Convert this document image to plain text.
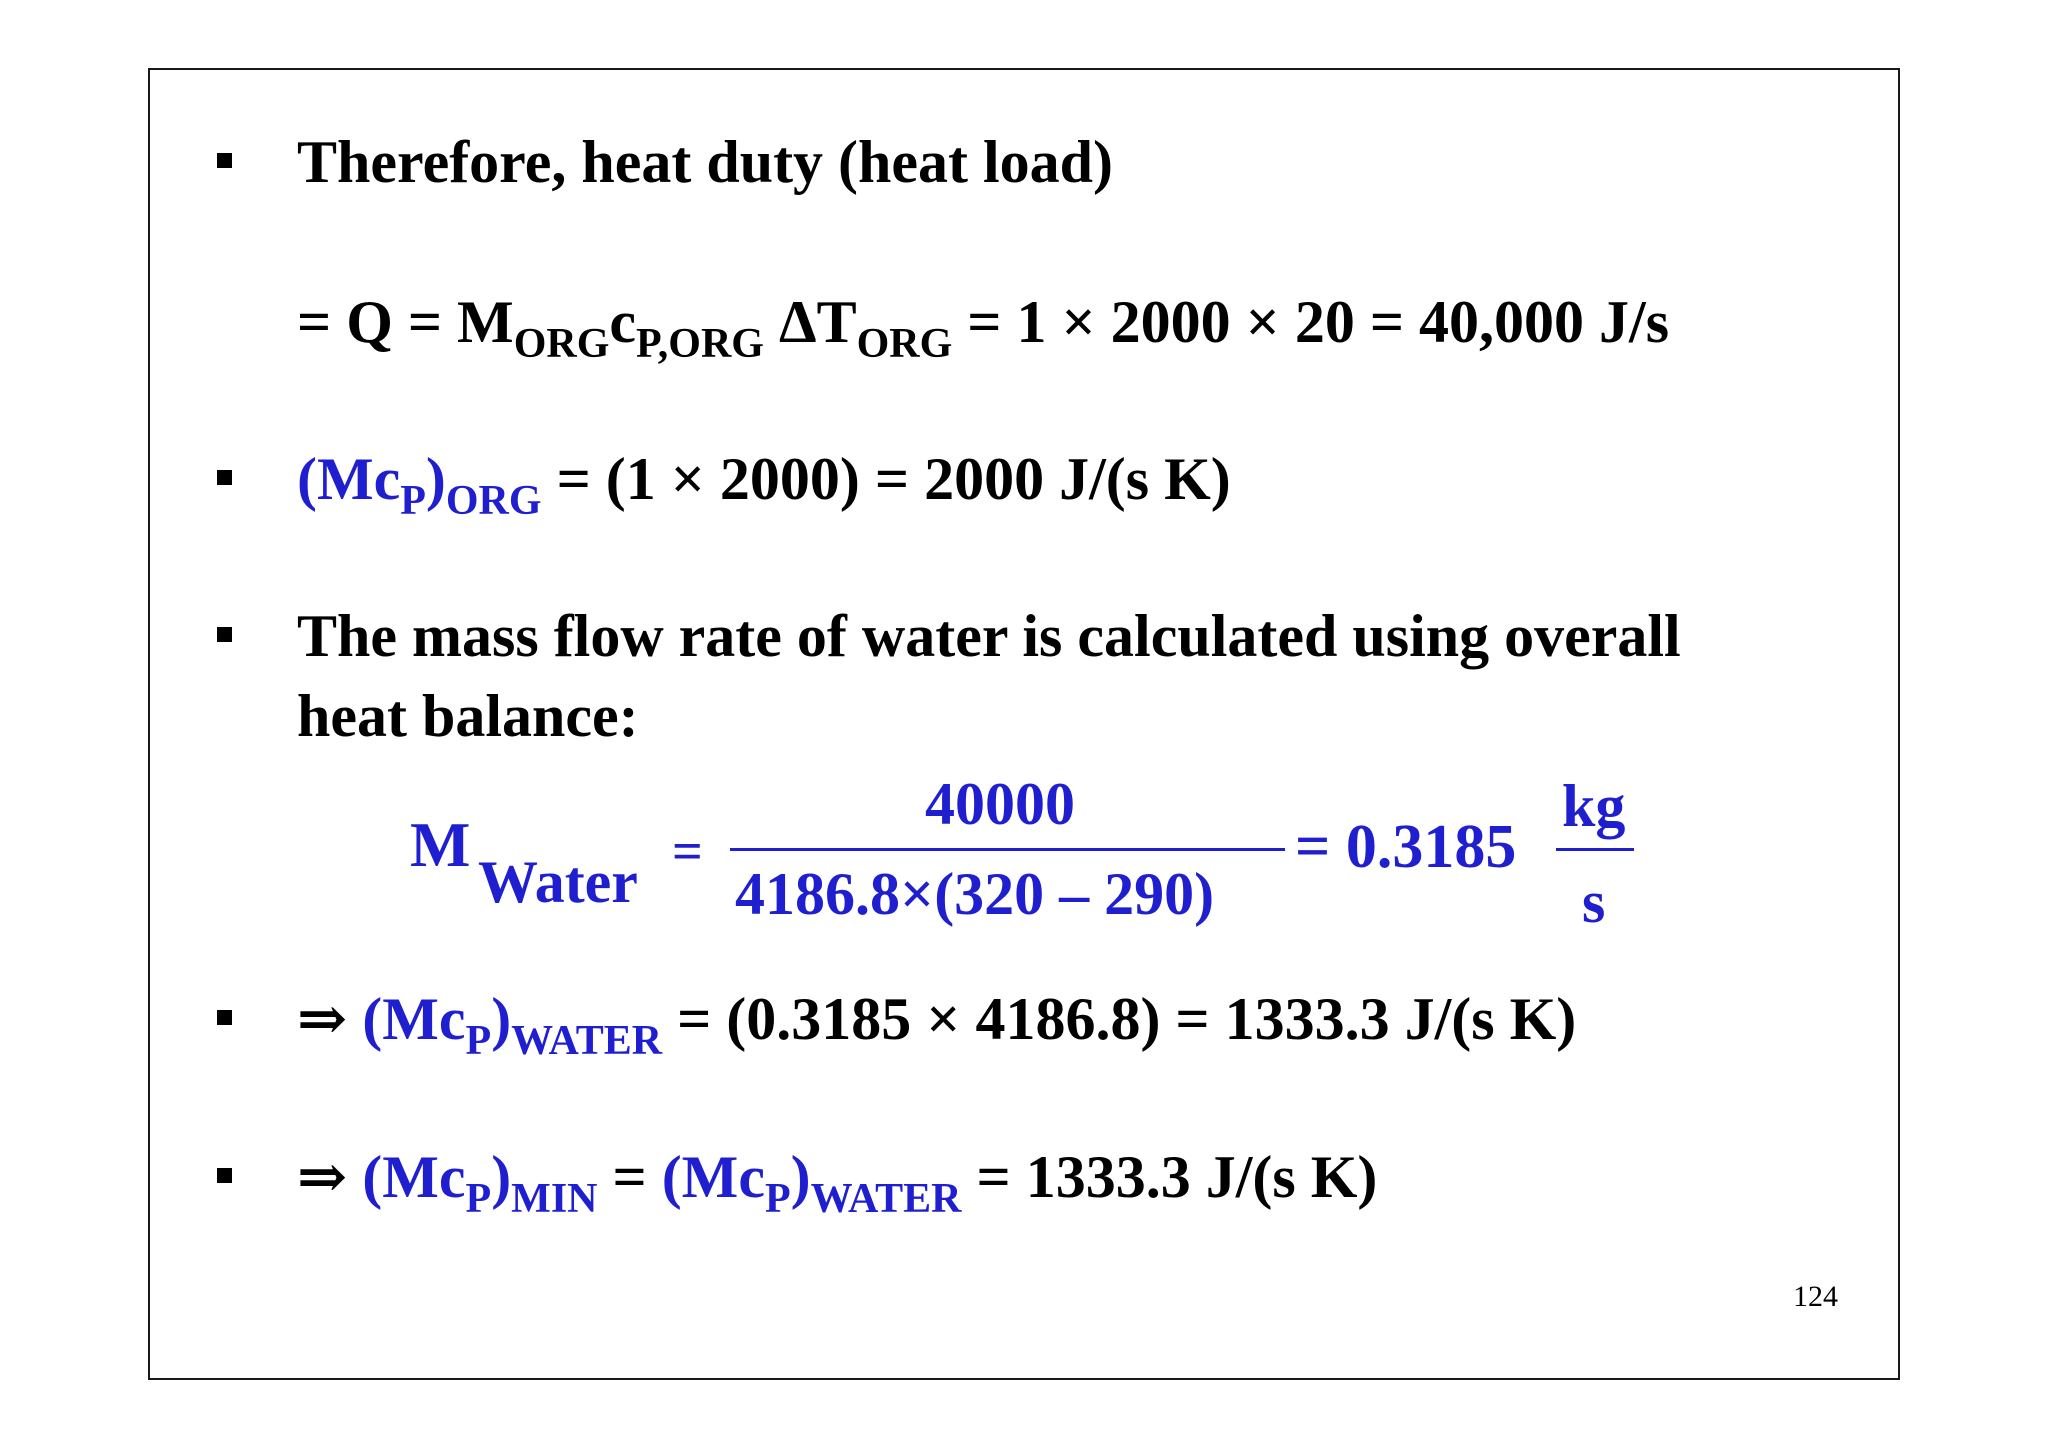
Therefore, heat duty (heat load)
= $Q = M_{ORG}c_{P,ORG}$ $\Delta T_{ORG} = 1 \times 2000 \times 20 = 40,000$ J/s
$(Mc_P)_{ORG} = (1 \times 2000) = 2000$ J/(s K)
The mass flow rate of water is calculated using overall
heat balance:
M
Water =
40000
4186.8×(320 – 290)
= 0.3185
kg
s
⇒ $(Mc_P)_{WATER} = (0.3185 \times 4186.8) = 1333.3$ J/(s K)
⇒ $(Mc_P)_{MIN} = (Mc_P)_{WATER} = 1333.3$ J/(s K)
124
